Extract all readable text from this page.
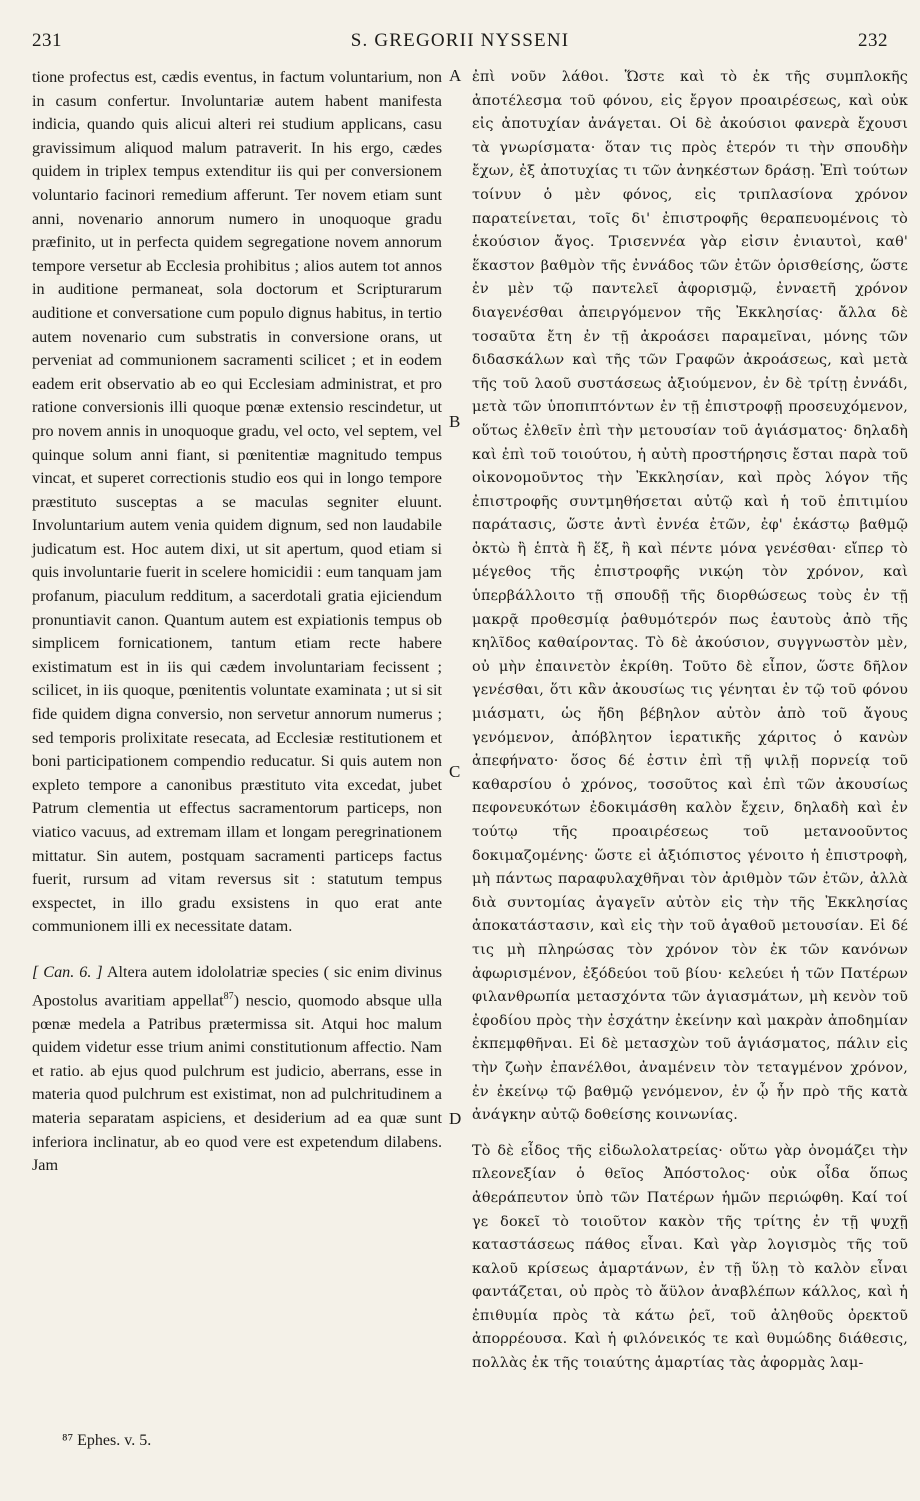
231	S. GREGORII NYSSENI	232

tione profectus est, cædis eventus, in factum voluntarium, non in casum confertur. Involuntariæ autem habent manifesta indicia, quando quis alicui alteri rei studium applicans, casu gravissimum aliquod malum patraverit. In his ergo, cædes quidem in triplex tempus extenditur iis qui per conversionem voluntario facinori remedium afferunt. Ter novem etiam sunt anni, novenario annorum numero in unoquoque gradu præfinito, ut in perfecta quidem segregatione novem annorum tempore versetur ab Ecclesia prohibitus ; alios autem tot annos in auditione permaneat, sola doctorum et Scripturarum auditione et conversatione cum populo dignus habitus, in tertio autem novenario cum substratis in conversione orans, ut perveniat ad communionem sacramenti scilicet ; et in eodem eadem erit observatio ab eo qui Ecclesiam administrat, et pro ratione conversionis illi quoque pœnæ extensio rescindetur, ut pro novem annis in unoquoque gradu, vel octo, vel septem, vel quinque solum anni fiant, si pœnitentiæ magnitudo tempus vincat, et superet correctionis studio eos qui in longo tempore præstituto susceptas a se maculas segniter eluunt. Involuntarium autem venia quidem dignum, sed non laudabile judicatum est. Hoc autem dixi, ut sit apertum, quod etiam si quis involuntarie fuerit in scelere homicidii : eum tanquam jam profanum, piaculum redditum, a sacerdotali gratia ejiciendum pronuntiavit canon. Quantum autem est expiationis tempus ob simplicem fornicationem, tantum etiam recte habere existimatum est in iis qui cædem involuntariam fecissent ; scilicet, in iis quoque, pœnitentis voluntate examinata ; ut si sit fide quidem digna conversio, non servetur annorum numerus ; sed temporis prolixitate resecata, ad Ecclesiæ restitutionem et boni participationem compendio reducatur. Si quis autem non expleto tempore a canonibus præstituto vita excedat, jubet Patrum clementia ut effectus sacramentorum particeps, non viatico vacuus, ad extremam illam et longam peregrinationem mittatur. Sin autem, postquam sacramenti particeps factus fuerit, rursum ad vitam reversus sit : statutum tempus exspectet, in illo gradu exsistens in quo erat ante communionem illi ex necessitate datam.

[ Can. 6. ] Altera autem idololatriæ species ( sic enim divinus Apostolus avaritiam appellat$^{87}$) nescio, quomodo absque ulla pœnæ medela a Patribus prætermissa sit. Atqui hoc malum quidem videtur esse trium animi constitutionum affectio. Nam et ratio. ab ejus quod pulchrum est judicio, aberrans, esse in materia quod pulchrum est existimat, non ad pulchritudinem a materia separatam aspiciens, et desiderium ad ea quæ sunt inferiora inclinatur, ab eo quod vere est expetendum dilabens. Jam

A
B
C
D

ἐπὶ νοῦν λάθοι. Ὥστε καὶ τὸ ἐκ τῆς συμπλοκῆς ἀποτέλεσμα τοῦ φόνου, εἰς ἔργον προαιρέσεως, καὶ οὐκ εἰς ἀποτυχίαν ἀνάγεται. Οἱ δὲ ἀκούσιοι φανερὰ ἔχουσι τὰ γνωρίσματα· ὅταν τις πρὸς ἑτερόν τι τὴν σπουδὴν ἔχων, ἐξ ἀποτυχίας τι τῶν ἀνηκέστων δράσῃ. Ἐπὶ τούτων τοίνυν ὁ μὲν φόνος, εἰς τριπλασίονα χρόνον παρατείνεται, τοῖς δι' ἐπιστροφῆς θεραπευομένοις τὸ ἑκούσιον ἄγος. Τρισεννέα γὰρ εἰσιν ἐνιαυτοὶ, καθ' ἕκαστον βαθμὸν τῆς ἐννάδος τῶν ἐτῶν ὁρισθείσης, ὥστε ἐν μὲν τῷ παντελεῖ ἀφορισμῷ, ἐνναετῆ χρόνον διαγενέσθαι ἀπειργόμενον τῆς Ἐκκλησίας· ἄλλα δὲ τοσαῦτα ἔτη ἐν τῇ ἀκροάσει παραμεῖναι, μόνης τῶν διδασκάλων καὶ τῆς τῶν Γραφῶν ἀκροάσεως, καὶ μετὰ τῆς τοῦ λαοῦ συστάσεως ἀξιούμενον, ἐν δὲ τρίτῃ ἐννάδι, μετὰ τῶν ὑποπιπτόντων ἐν τῇ ἐπιστροφῇ προσευχόμενον, οὕτως ἐλθεῖν ἐπὶ τὴν μετουσίαν τοῦ ἁγιάσματος· δηλαδὴ καὶ ἐπὶ τοῦ τοιούτου, ἡ αὐτὴ προστήρησις ἔσται παρὰ τοῦ οἰκονομοῦντος τὴν Ἐκκλησίαν, καὶ πρὸς λόγον τῆς ἐπιστροφῆς συντμηθήσεται αὐτῷ καὶ ἡ τοῦ ἐπιτιμίου παράτασις, ὥστε ἀντὶ ἐννέα ἐτῶν, ἐφ' ἑκάστῳ βαθμῷ ὀκτὼ ἢ ἑπτὰ ἢ ἕξ, ἢ καὶ πέντε μόνα γενέσθαι· εἴπερ τὸ μέγεθος τῆς ἐπιστροφῆς νικῴη τὸν χρόνον, καὶ ὑπερβάλλοιτο τῇ σπουδῇ τῆς διορθώσεως τοὺς ἐν τῇ μακρᾷ προθεσμίᾳ ῥαθυμότερόν πως ἑαυτοὺς ἀπὸ τῆς κηλῖδος καθαίροντας. Τὸ δὲ ἀκούσιον, συγγνωστὸν μὲν, οὐ μὴν ἐπαινετὸν ἐκρίθη. Τοῦτο δὲ εἶπον, ὥστε δῆλον γενέσθαι, ὅτι κἂν ἀκουσίως τις γένηται ἐν τῷ τοῦ φόνου μιάσματι, ὡς ἤδη βέβηλον αὐτὸν ἀπὸ τοῦ ἄγους γενόμενον, ἀπόβλητον ἱερατικῆς χάριτος ὁ κανὼν ἀπεφήνατο· ὅσος δέ ἐστιν ἐπὶ τῇ ψιλῇ πορνείᾳ τοῦ καθαρσίου ὁ χρόνος, τοσοῦτος καὶ ἐπὶ τῶν ἀκουσίως πεφονευκότων ἐδοκιμάσθη καλὸν ἔχειν, δηλαδὴ καὶ ἐν τούτῳ τῆς προαιρέσεως τοῦ μετανοοῦντος δοκιμαζομένης· ὥστε εἰ ἀξιόπιστος γένοιτο ἡ ἐπιστροφὴ, μὴ πάντως παραφυλαχθῆναι τὸν ἀριθμὸν τῶν ἐτῶν, ἀλλὰ διὰ συντομίας ἀγαγεῖν αὐτὸν εἰς τὴν τῆς Ἐκκλησίας ἀποκατάστασιν, καὶ εἰς τὴν τοῦ ἀγαθοῦ μετουσίαν. Εἰ δέ τις μὴ πληρώσας τὸν χρόνον τὸν ἐκ τῶν κανόνων ἀφωρισμένον, ἐξόδεύοι τοῦ βίου· κελεύει ἡ τῶν Πατέρων φιλανθρωπία μετασχόντα τῶν ἁγιασμάτων, μὴ κενὸν τοῦ ἐφοδίου πρὸς τὴν ἐσχάτην ἐκείνην καὶ μακρὰν ἀποδημίαν ἐκπεμφθῆναι. Εἰ δὲ μετασχὼν τοῦ ἁγιάσματος, πάλιν εἰς τὴν ζωὴν ἐπανέλθοι, ἀναμένειν τὸν τεταγμένον χρόνον, ἐν ἐκείνῳ τῷ βαθμῷ γενόμενον, ἐν ᾧ ἦν πρὸ τῆς κατὰ ἀνάγκην αὐτῷ δοθείσης κοινωνίας.

Τὸ δὲ εἶδος τῆς εἰδωλολατρείας· οὕτω γὰρ ὀνομάζει τὴν πλεονεξίαν ὁ θεῖος Ἀπόστολος· οὐκ οἶδα ὅπως ἀθεράπευτον ὑπὸ τῶν Πατέρων ἡμῶν περιώφθη. Καί τοί γε δοκεῖ τὸ τοιοῦτον κακὸν τῆς τρίτης ἐν τῇ ψυχῇ καταστάσεως πάθος εἶναι. Καὶ γὰρ λογισμὸς τῆς τοῦ καλοῦ κρίσεως ἁμαρτάνων, ἐν τῇ ὕλῃ τὸ καλὸν εἶναι φαντάζεται, οὐ πρὸς τὸ ἄϋλον ἀναβλέπων κάλλος, καὶ ἡ ἐπιθυμία πρὸς τὰ κάτω ῥεῖ, τοῦ ἀληθοῦς ὀρεκτοῦ ἀπορρέουσα. Καὶ ἡ φιλόνεικός τε καὶ θυμώδης διάθεσις, πολλὰς ἐκ τῆς τοιαύτης ἁμαρτίας τὰς ἀφορμὰς λαμ-

⁸⁷ Ephes. v. 5.
